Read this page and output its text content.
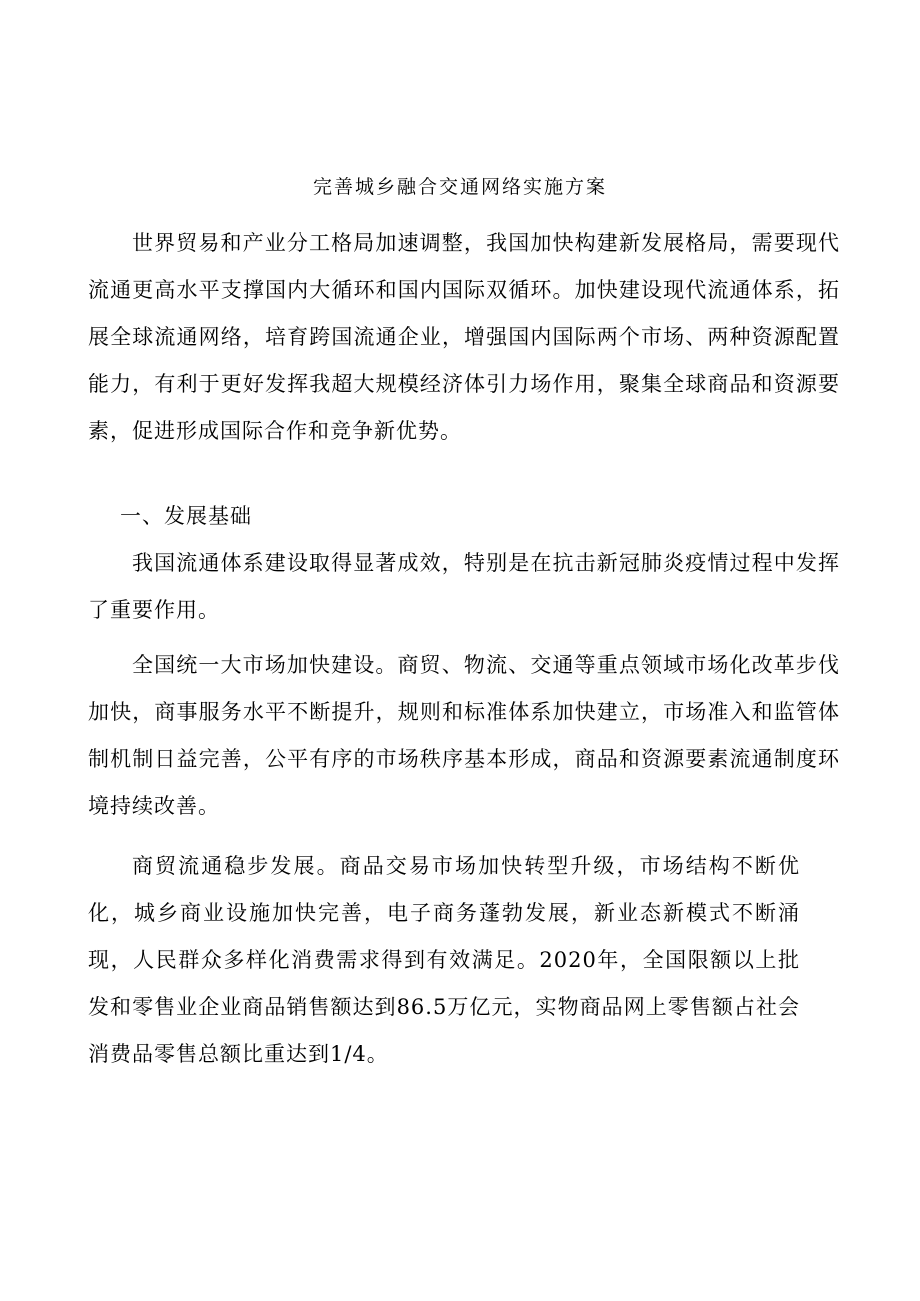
完善城乡融合交通网络实施方案

世界贸易和产业分工格局加速调整，我国加快构建新发展格局，需要现代流通更高水平支撑国内大循环和国内国际双循环。加快建设现代流通体系，拓展全球流通网络，培育跨国流通企业，增强国内国际两个市场、两种资源配置能力，有利于更好发挥我超大规模经济体引力场作用，聚集全球商品和资源要素，促进形成国际合作和竞争新优势。

一、发展基础

我国流通体系建设取得显著成效，特别是在抗击新冠肺炎疫情过程中发挥了重要作用。

全国统一大市场加快建设。商贸、物流、交通等重点领域市场化改革步伐加快，商事服务水平不断提升，规则和标准体系加快建立，市场准入和监管体制机制日益完善，公平有序的市场秩序基本形成，商品和资源要素流通制度环境持续改善。

商贸流通稳步发展。商品交易市场加快转型升级，市场结构不断优化，城乡商业设施加快完善，电子商务蓬勃发展，新业态新模式不断涌现，人民群众多样化消费需求得到有效满足。2020年，全国限额以上批发和零售业企业商品销售额达到86.5万亿元，实物商品网上零售额占社会消费品零售总额比重达到1/4。
